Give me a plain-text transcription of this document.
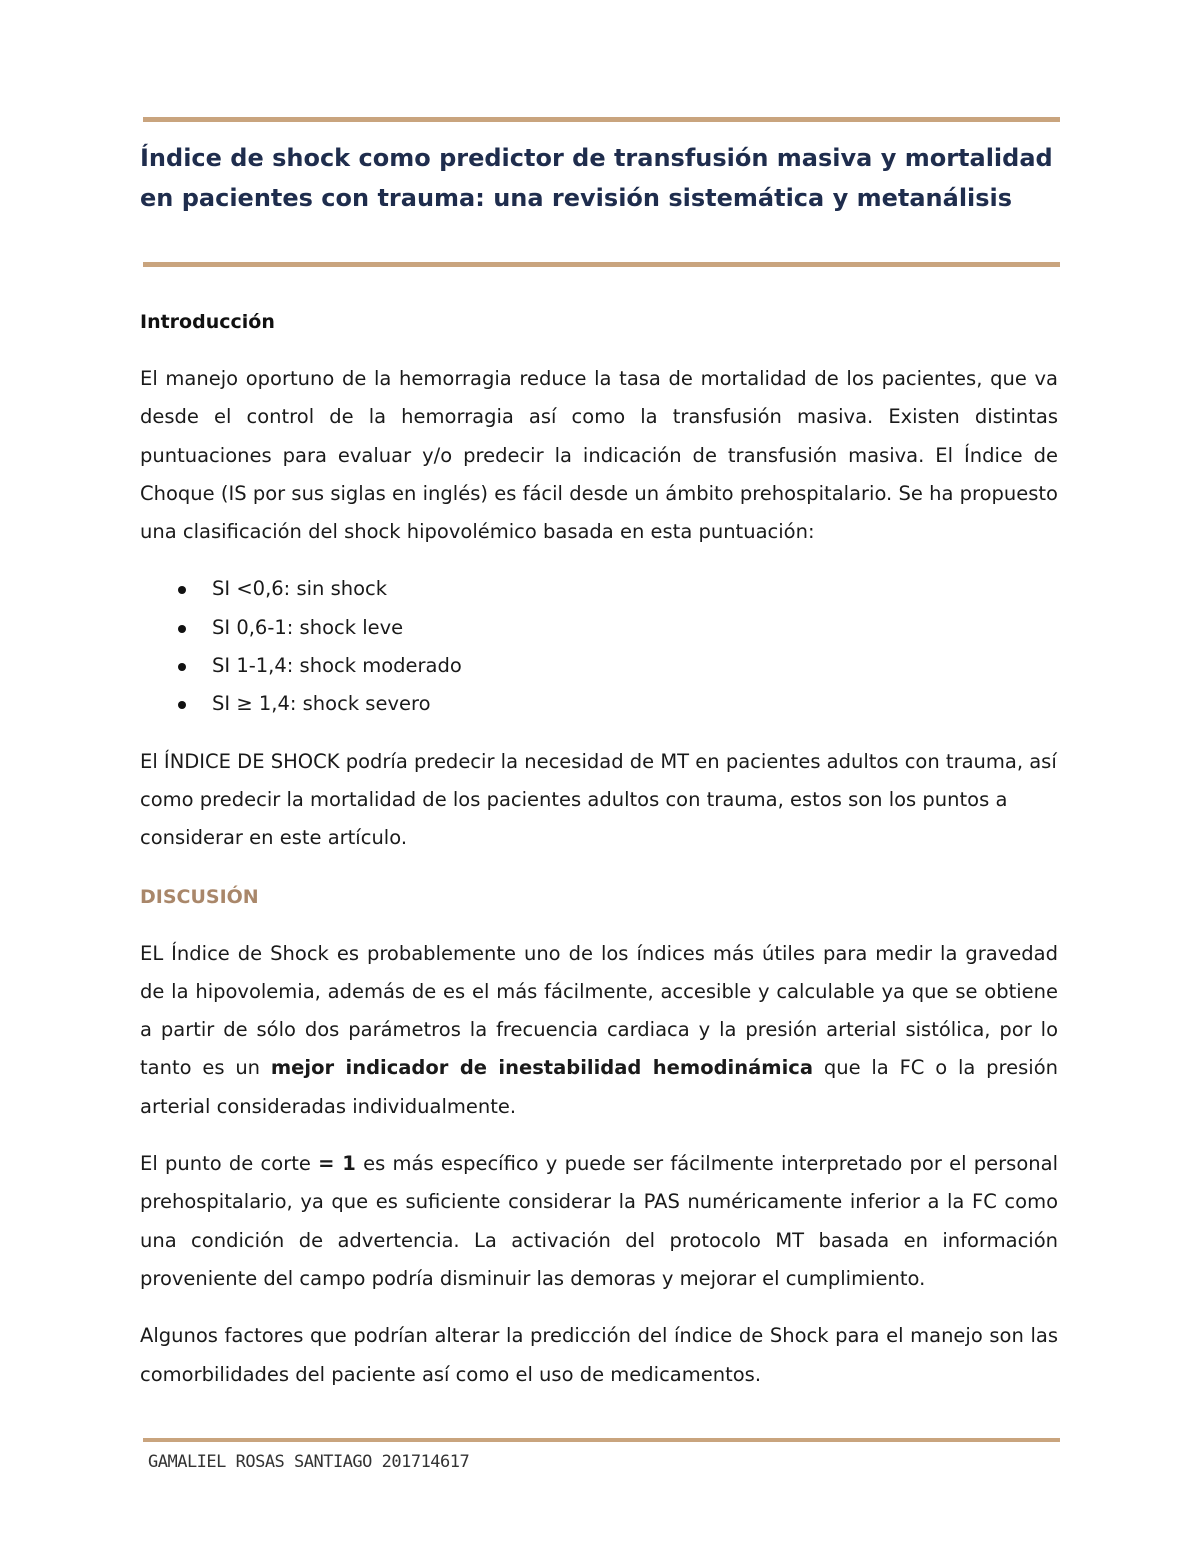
Índice de shock como predictor de transfusión masiva y mortalidad en pacientes con trauma: una revisión sistemática y metanálisis
Introducción

El manejo oportuno de la hemorragia reduce la tasa de mortalidad de los pacientes, que va desde el control de la hemorragia así como la transfusión masiva. Existen distintas puntuaciones para evaluar y/o predecir la indicación de transfusión masiva. El Índice de Choque (IS por sus siglas en inglés) es fácil desde un ámbito prehospitalario. Se ha propuesto una clasificación del shock hipovolémico basada en esta puntuación:

SI <0,6: sin shock
SI 0,6-1: shock leve
SI 1-1,4: shock moderado
SI ≥ 1,4: shock severo

El ÍNDICE DE SHOCK podría predecir la necesidad de MT en pacientes adultos con trauma, así como predecir la mortalidad de los pacientes adultos con trauma, estos son los puntos a considerar en este artículo.

DISCUSIÓN

EL Índice de Shock es probablemente uno de los índices más útiles para medir la gravedad de la hipovolemia, además de es el más fácilmente, accesible y calculable ya que se obtiene a partir de sólo dos parámetros la frecuencia cardiaca y la presión arterial sistólica, por lo tanto es un mejor indicador de inestabilidad hemodinámica que la FC o la presión arterial consideradas individualmente.

El punto de corte = 1 es más específico y puede ser fácilmente interpretado por el personal prehospitalario, ya que es suficiente considerar la PAS numéricamente inferior a la FC como una condición de advertencia. La activación del protocolo MT basada en información proveniente del campo podría disminuir las demoras y mejorar el cumplimiento.

Algunos factores que podrían alterar la predicción del índice de Shock para el manejo son las comorbilidades del paciente así como el uso de medicamentos.

GAMALIEL ROSAS SANTIAGO 201714617
